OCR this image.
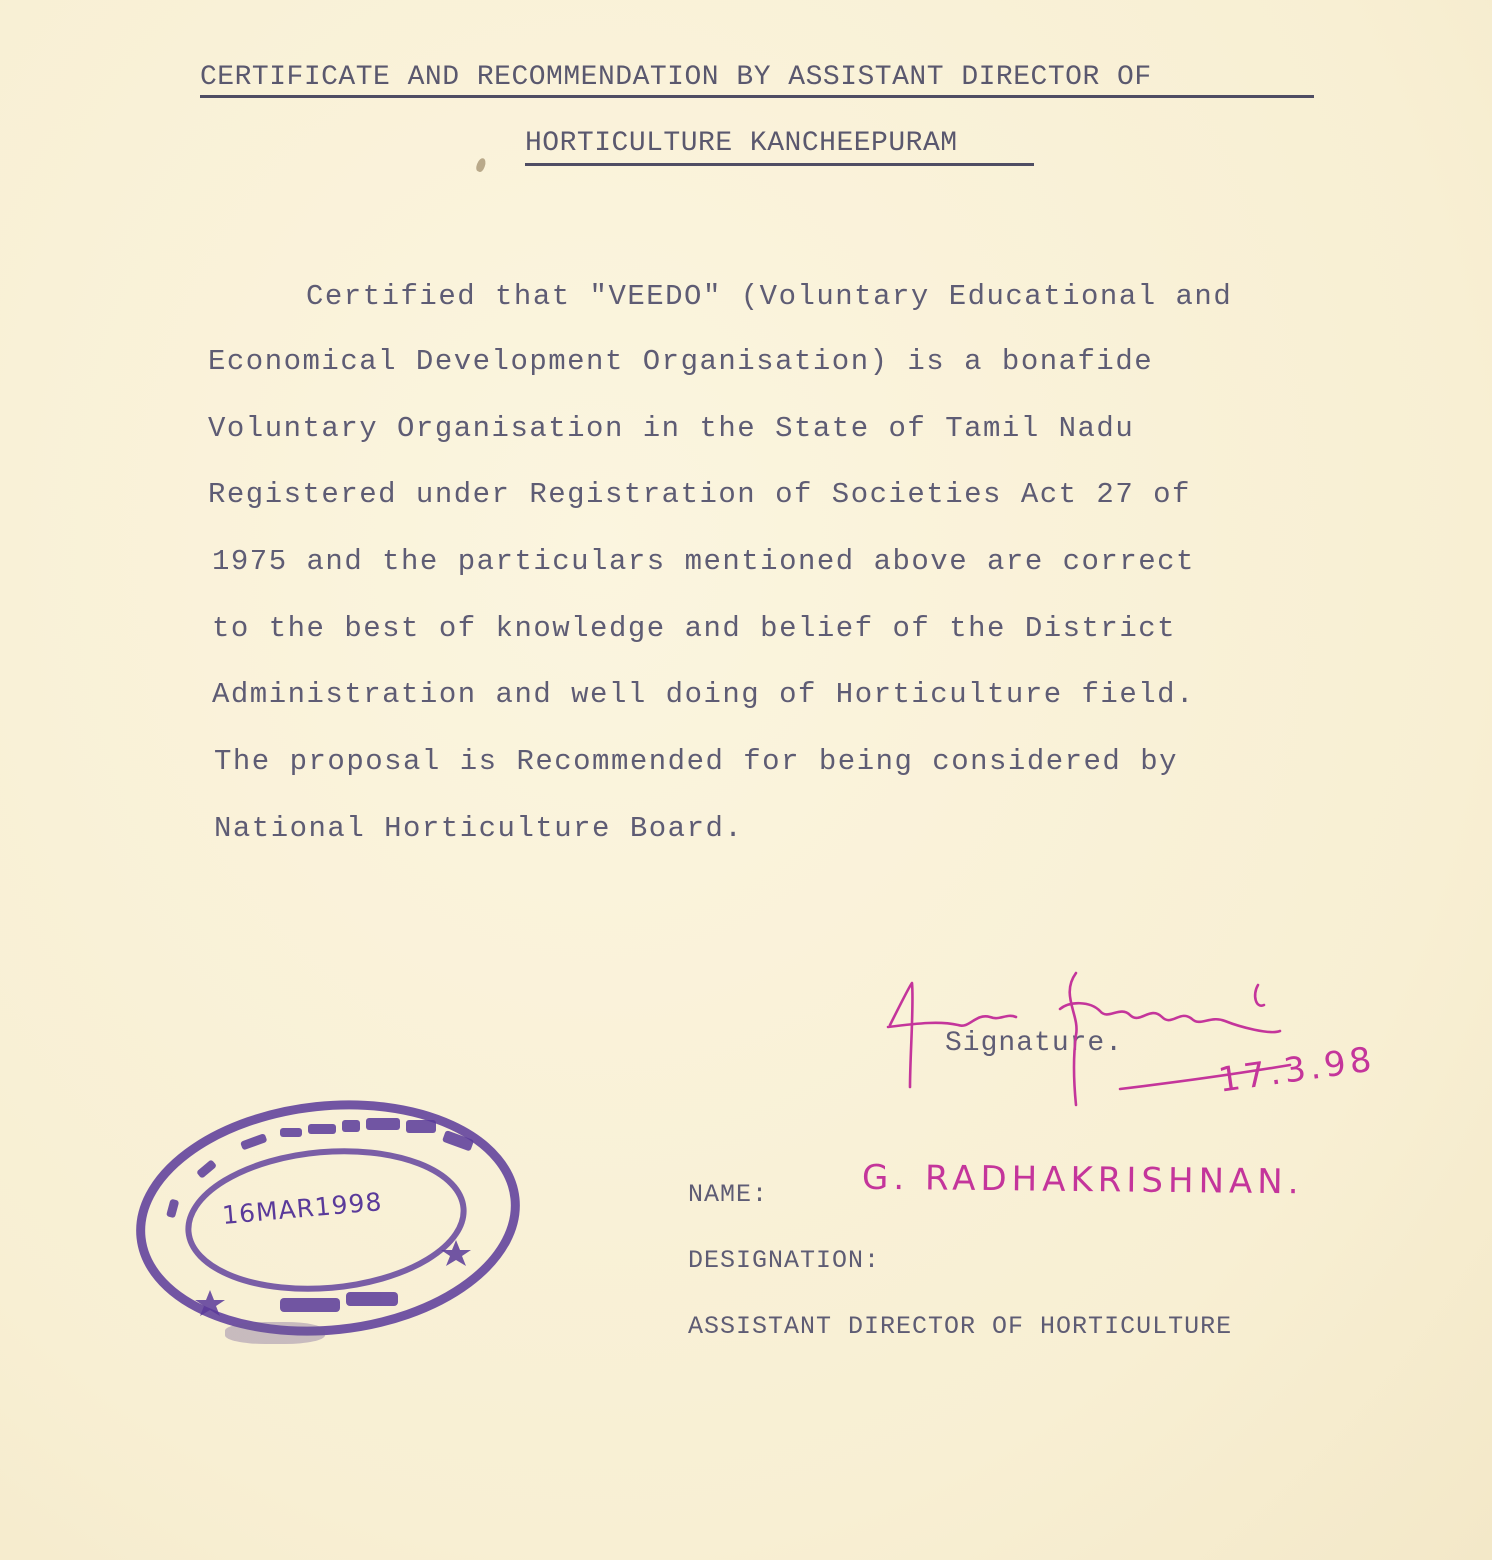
CERTIFICATE AND RECOMMENDATION BY ASSISTANT DIRECTOR OF
HORTICULTURE KANCHEEPURAM
Certified that "VEEDO" (Voluntary Educational and
Economical Development Organisation) is a bonafide
Voluntary Organisation in the State of Tamil Nadu
Registered under Registration of Societies Act 27 of
1975 and the particulars mentioned above are correct
to the best of knowledge and belief of the District
Administration and well doing of Horticulture field.
The proposal is Recommended for being considered by
National Horticulture Board.
Signature.	17.3.98
NAME:	G. RADHAKRISHNAN.
DESIGNATION:
ASSISTANT DIRECTOR OF HORTICULTURE
16MAR1998
